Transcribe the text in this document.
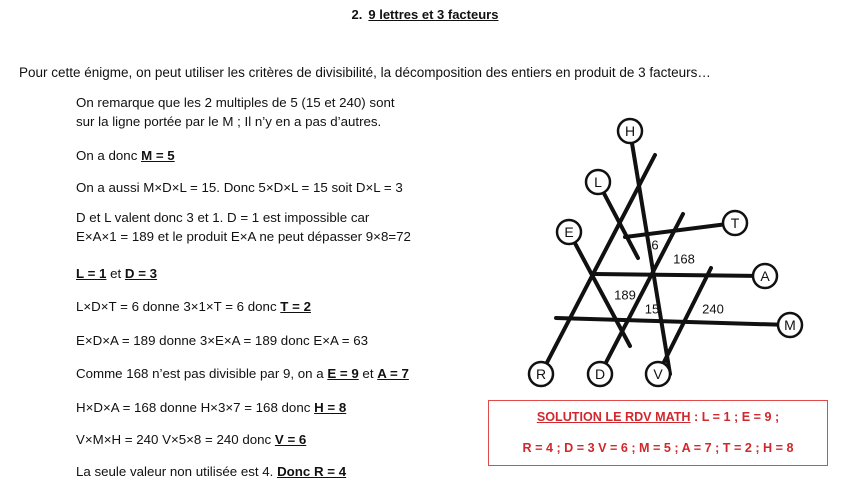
2. 9 lettres et 3 facteurs
Pour cette énigme, on peut utiliser les critères de divisibilité, la décomposition des entiers en produit de 3 facteurs…
On remarque que les 2 multiples de 5 (15 et 240) sont
sur la ligne portée par le M ; Il n’y en a pas d’autres.
On a donc M = 5
On a aussi M×D×L = 15. Donc 5×D×L = 15 soit D×L = 3
D et L valent donc 3 et 1. D = 1 est impossible car
E×A×1 = 189 et le produit E×A ne peut dépasser 9×8=72
L = 1 et D = 3
L×D×T = 6 donne 3×1×T = 6 donc T = 2
E×D×A = 189 donne 3×E×A = 189 donc E×A = 63
Comme 168 n’est pas divisible par 9, on a E = 9 et A = 7
H×D×A = 168 donne H×3×7 = 168 donc H = 8
V×M×H = 240 V×5×8 = 240 donc V = 6
La seule valeur non utilisée est 4. Donc R = 4
H
L
E
T
A
M
R	D	V
6
168
189
15	240
SOLUTION LE RDV MATH : L = 1 ; E = 9 ;
R = 4 ; D = 3 V = 6 ; M = 5 ; A = 7 ; T = 2 ; H = 8
